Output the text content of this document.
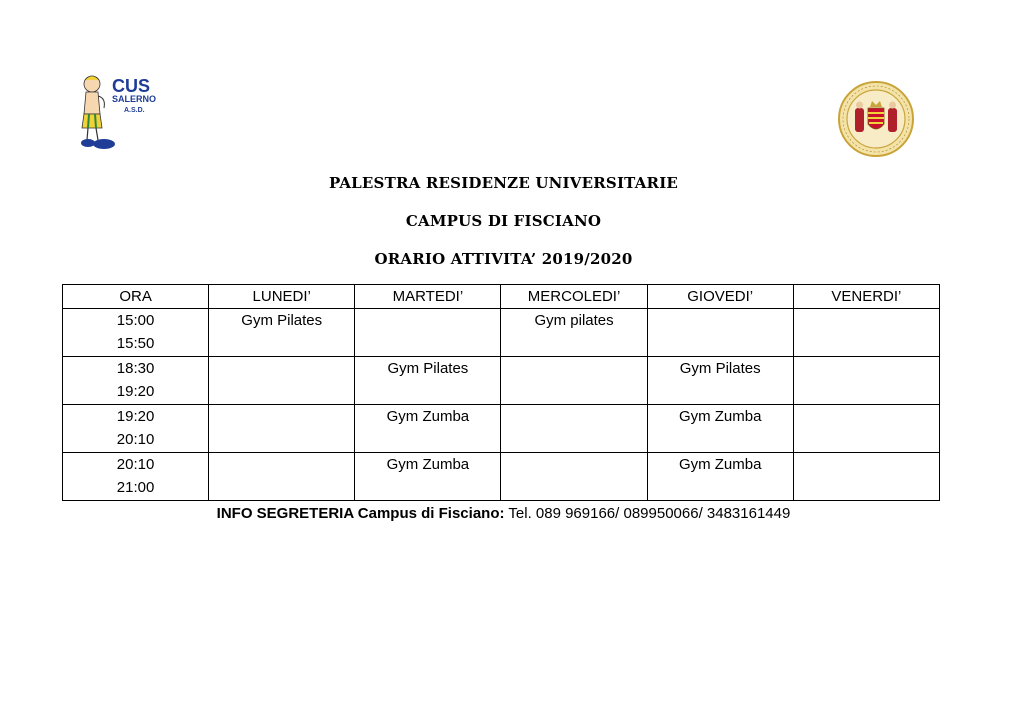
CUS
SALERNO
A.S.D.
PALESTRA RESIDENZE UNIVERSITARIE
CAMPUS DI FISCIANO
ORARIO ATTIVITA’ 2019/2020
ORA	LUNEDI’	MARTEDI’	MERCOLEDI’	GIOVEDI’	VENERDI’

15:00
15:50	Gym Pilates		Gym pilates		

18:30
19:20		Gym Pilates		Gym Pilates	

19:20
20:10		Gym Zumba		Gym Zumba	

20:10
21:00		Gym Zumba		Gym Zumba	
INFO SEGRETERIA Campus di Fisciano: Tel. 089 969166/ 089950066/ 3483161449
